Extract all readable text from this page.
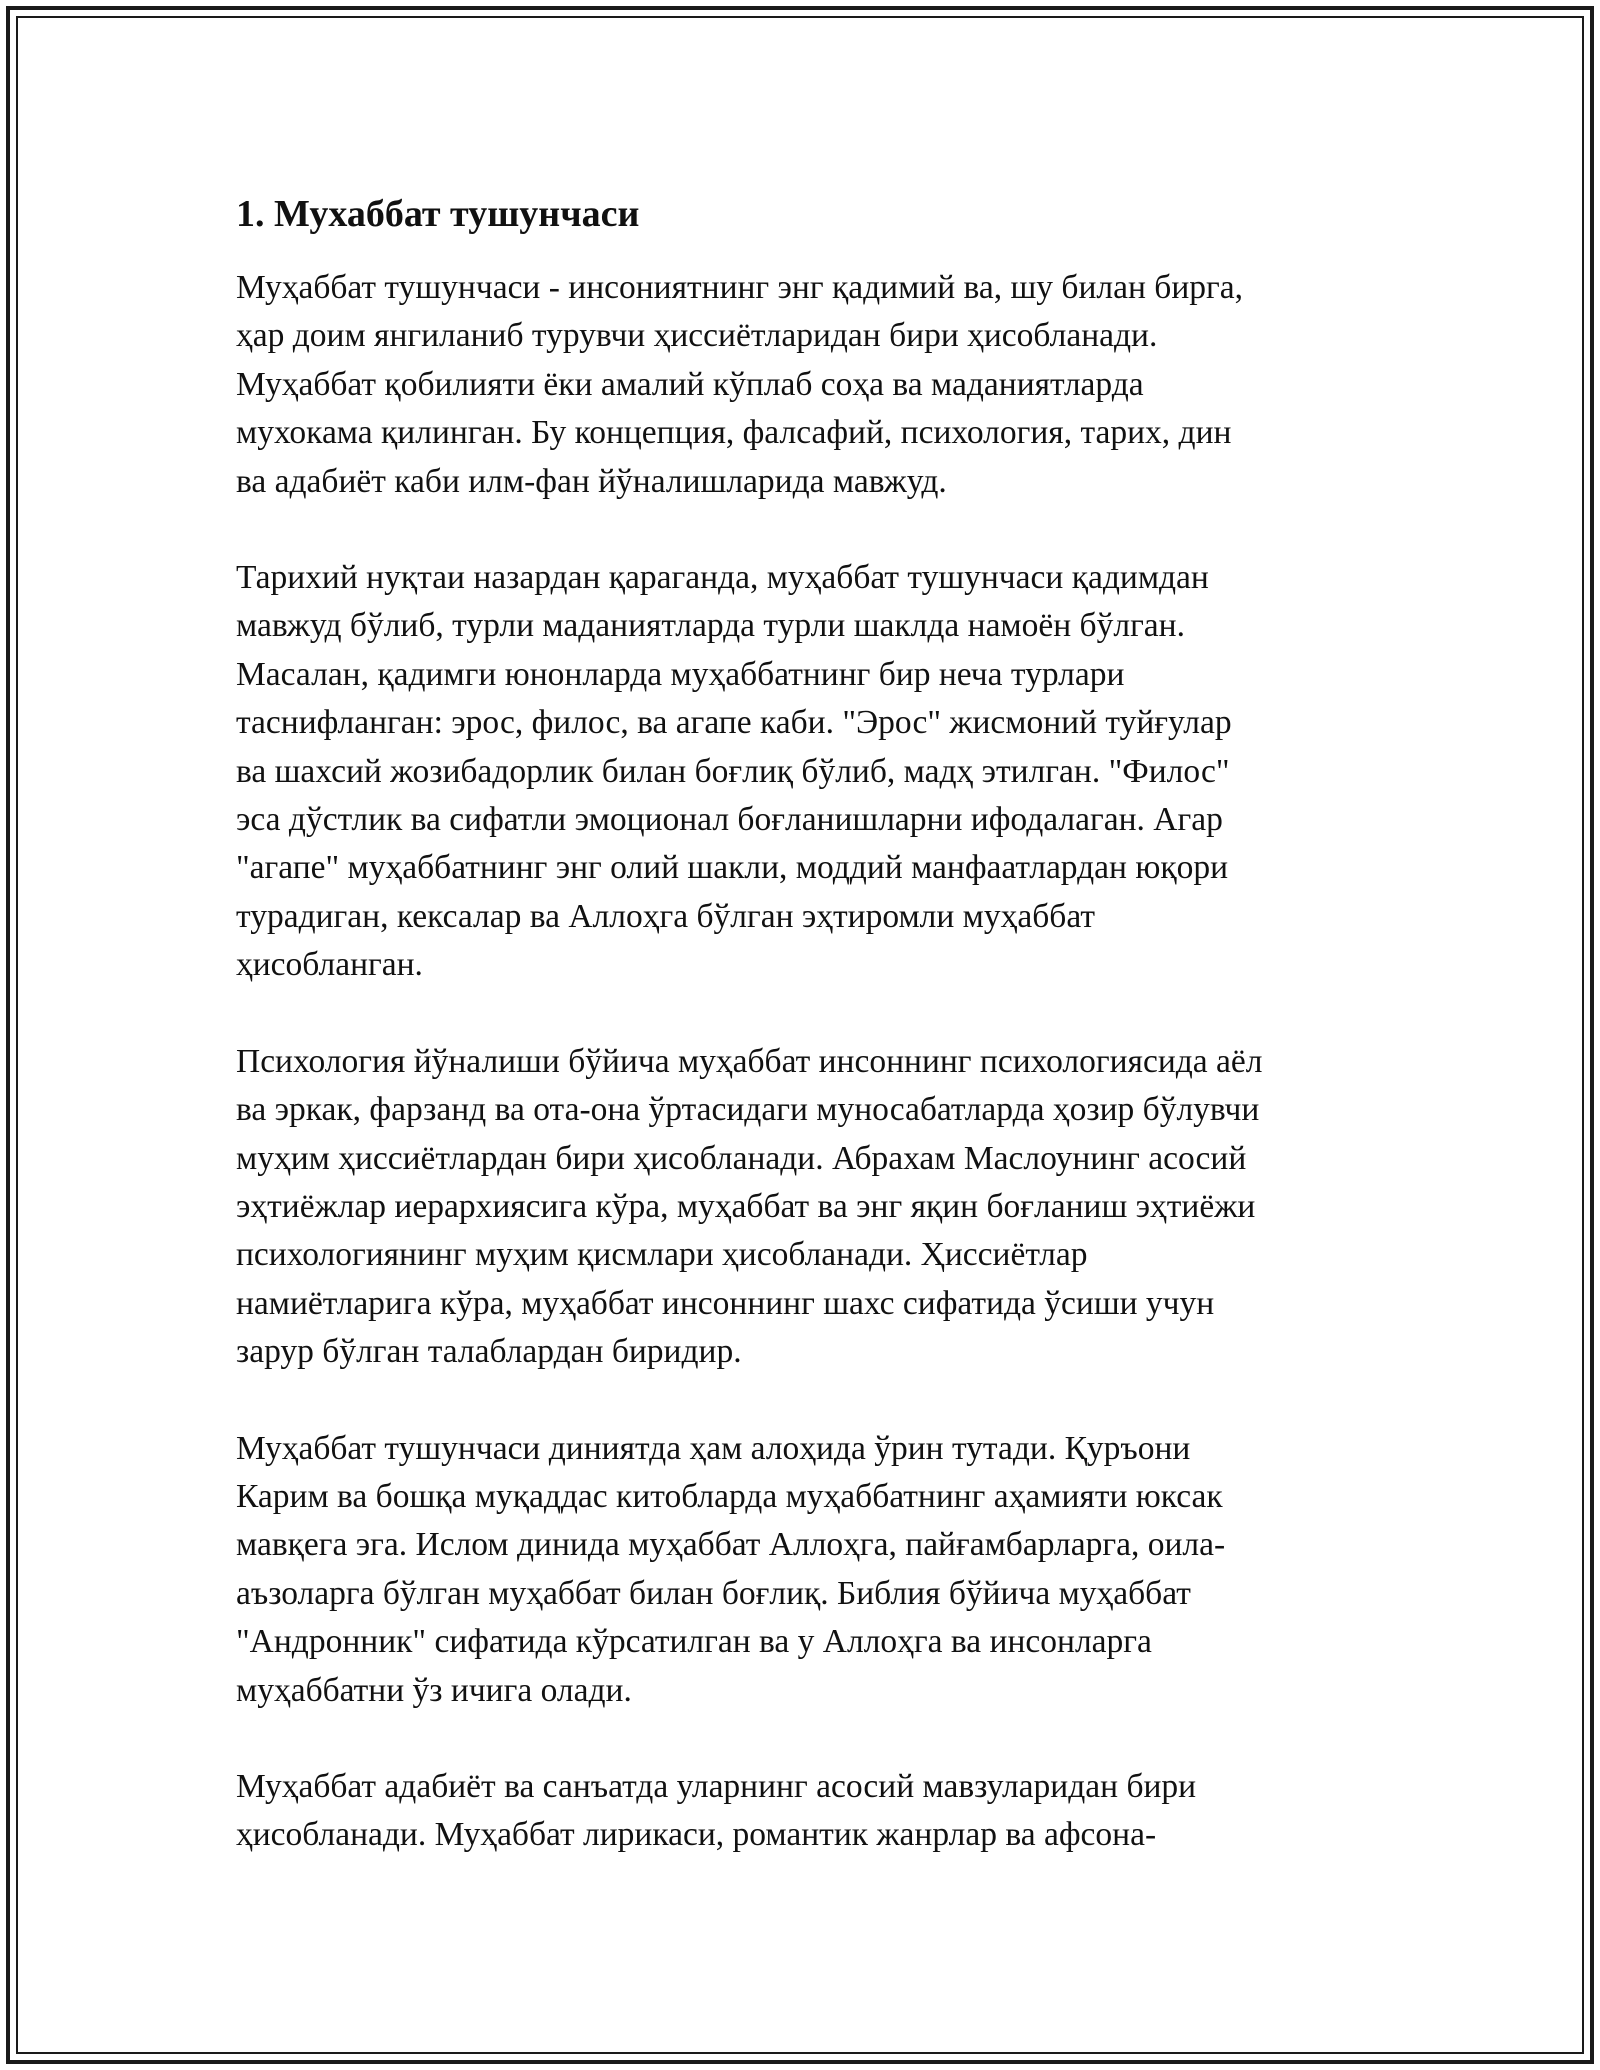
1. Мухаббат тушунчаси
Муҳаббат тушунчаси - инсониятнинг энг қадимий ва, шу билан бирга,
ҳар доим янгиланиб турувчи ҳиссиётларидан бири ҳисобланади.
Муҳаббат қобилияти ёки амалий кўплаб соҳа ва маданиятларда
мухокама қилинган. Бу концепция, фалсафий, психология, тарих, дин
ва адабиёт каби илм-фан йўналишларида мавжуд.
Тарихий нуқтаи назардан қараганда, муҳаббат тушунчаси қадимдан
мавжуд бўлиб, турли маданиятларда турли шаклда намоён бўлган.
Масалан, қадимги юнонларда муҳаббатнинг бир неча турлари
таснифланган: эрос, филос, ва агапе каби. "Эрос" жисмоний туйғулар
ва шахсий жозибадорлик билан боғлиқ бўлиб, мадҳ этилган. "Филос"
эса дўстлик ва сифатли эмоционал боғланишларни ифодалаган. Агар
"агапе" муҳаббатнинг энг олий шакли, моддий манфаатлардан юқори
турадиган, кексалар ва Аллоҳга бўлган эҳтиромли муҳаббат
ҳисобланган.
Психология йўналиши бўйича муҳаббат инсоннинг психологиясида аёл
ва эркак, фарзанд ва ота-она ўртасидаги муносабатларда ҳозир бўлувчи
муҳим ҳиссиётлардан бири ҳисобланади. Абрахам Маслоунинг асосий
эҳтиёжлар иерархиясига кўра, муҳаббат ва энг яқин боғланиш эҳтиёжи
психологиянинг муҳим қисмлари ҳисобланади. Ҳиссиётлар
намиётларига кўра, муҳаббат инсоннинг шахс сифатида ўсиши учун
зарур бўлган талаблардан биридир.
Муҳаббат тушунчаси диниятда ҳам алоҳида ўрин тутади. Қуръони
Карим ва бошқа муқаддас китобларда муҳаббатнинг аҳамияти юксак
мавқега эга. Ислом динида муҳаббат Аллоҳга, пайғамбарларга, оила-
аъзоларга бўлган муҳаббат билан боғлиқ. Библия бўйича муҳаббат
"Андронник" сифатида кўрсатилган ва у Аллоҳга ва инсонларга
муҳаббатни ўз ичига олади.
Муҳаббат адабиёт ва санъатда уларнинг асосий мавзуларидан бири
ҳисобланади. Муҳаббат лирикаси, романтик жанрлар ва афсона-
